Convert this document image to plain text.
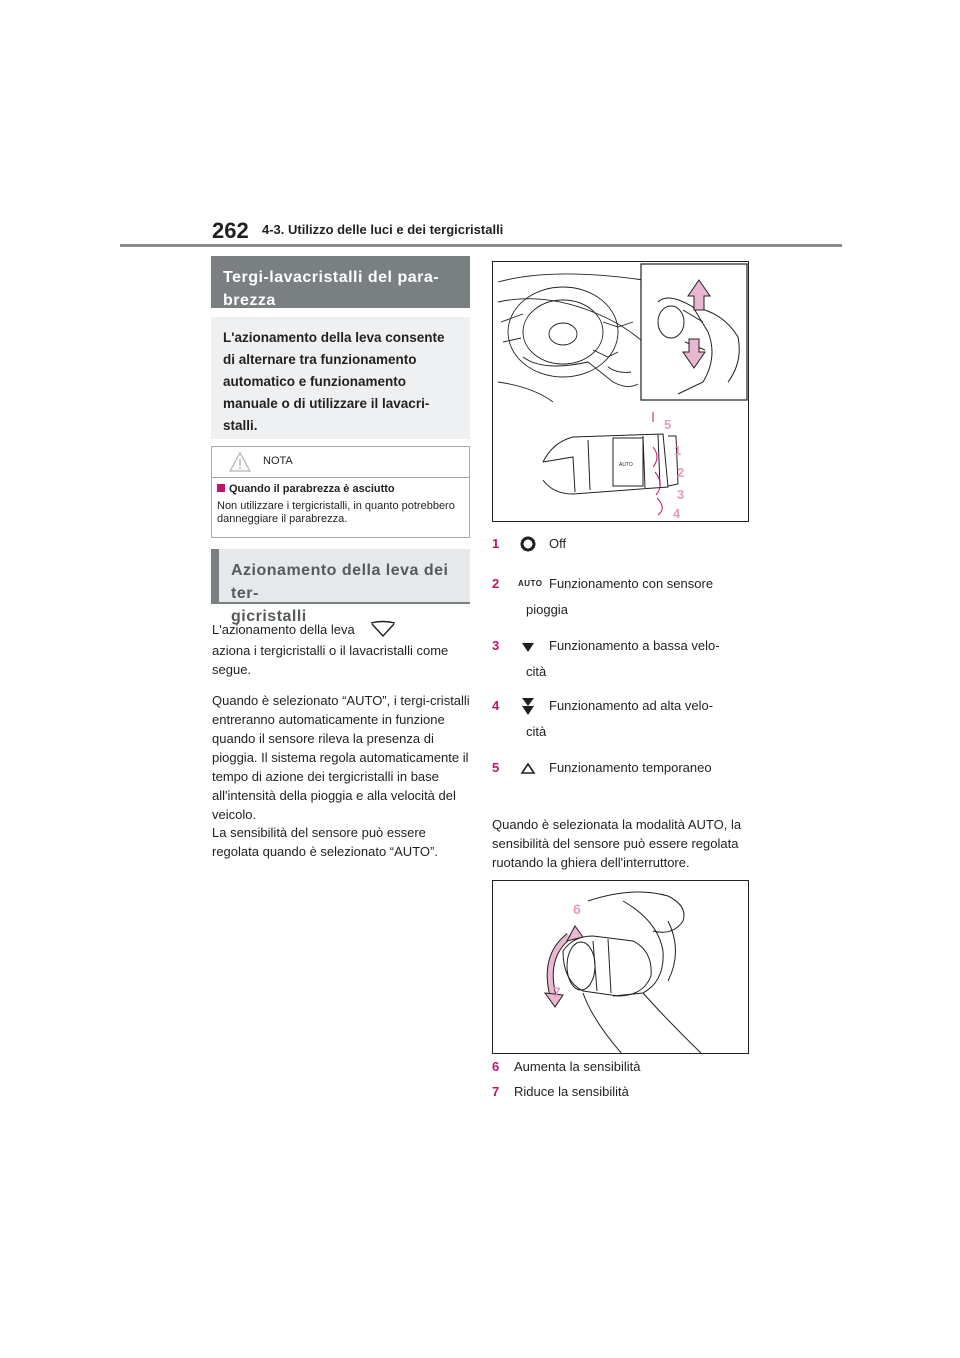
262 4-3. Utilizzo delle luci e dei tergicristalli
Tergi-lavacristalli del para-
brezza
L'azionamento della leva consente
di alternare tra funzionamento
automatico e funzionamento
manuale o di utilizzare il lavacri-
stalli.
NOTA
Quando il parabrezza è asciutto
Non utilizzare i tergicristalli, in quanto potrebbero danneggiare il parabrezza.
Azionamento della leva dei ter-
gicristalli
L'azionamento della leva
aziona i tergicristalli o il lavacristalli come segue.
Quando è selezionato “AUTO”, i tergi-cristalli entreranno automaticamente in funzione quando il sensore rileva la presenza di pioggia. Il sistema regola automaticamente il tempo di azione dei tergicristalli in base all'intensità della pioggia e alla velocità del veicolo.
La sensibilità del sensore può essere regolata quando è selezionato “AUTO”.
AUTO
5
1
2
3
4
1	Off
2 AUTO Funzionamento con sensore
pioggia
3	Funzionamento a bassa velo-
cità
4	Funzionamento ad alta velo-
cità
5	Funzionamento temporaneo
Quando è selezionata la modalità AUTO, la sensibilità del sensore può essere regolata ruotando la ghiera dell'interruttore.
6
7
6 Aumenta la sensibilità
7 Riduce la sensibilità
